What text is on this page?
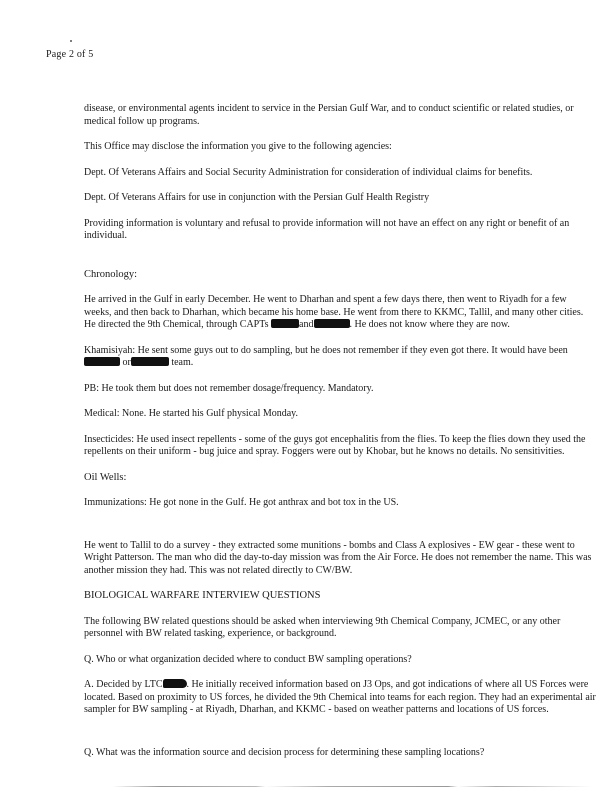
Page 2 of 5

disease, or environmental agents incident to service in the Persian Gulf War, and to conduct scientific or related studies, or medical follow up programs.

This Office may disclose the information you give to the following agencies:

Dept. Of Veterans Affairs and Social Security Administration for consideration of individual claims for benefits.

Dept. Of Veterans Affairs for use in conjunction with the Persian Gulf Health Registry

Providing information is voluntary and refusal to provide information will not have an effect on any right or benefit of an individual.

Chronology:

He arrived in the Gulf in early December. He went to Dharhan and spent a few days there, then went to Riyadh for a few weeks, and then back to Dharhan, which became his home base. He went from there to KKMC, Tallil, and many other cities. He directed the 9th Chemical, through CAPTs	and	. He does not know where they are now.

Khamisiyah: He sent some guys out to do sampling, but he does not remember if they even got there. It would have been or	team.

PB: He took them but does not remember dosage/frequency. Mandatory.

Medical: None. He started his Gulf physical Monday.

Insecticides: He used insect repellents - some of the guys got encephalitis from the flies. To keep the flies down they used the repellents on their uniform - bug juice and spray. Foggers were out by Khobar, but he knows no details. No sensitivities.

Oil Wells:

Immunizations: He got none in the Gulf. He got anthrax and bot tox in the US.

He went to Tallil to do a survey - they extracted some munitions - bombs and Class A explosives - EW gear - these went to Wright Patterson. The man who did the day-to-day mission was from the Air Force. He does not remember the name. This was another mission they had. This was not related directly to CW/BW.

BIOLOGICAL WARFARE INTERVIEW QUESTIONS

The following BW related questions should be asked when interviewing 9th Chemical Company, JCMEC, or any other personnel with BW related tasking, experience, or background.

Q. Who or what organization decided where to conduct BW sampling operations?

A. Decided by LTC . He initially received information based on J3 Ops, and got indications of where all US Forces were located. Based on proximity to US forces, he divided the 9th Chemical into teams for each region. They had an experimental air sampler for BW sampling - at Riyadh, Dharhan, and KKMC - based on weather patterns and locations of US forces.

Q. What was the information source and decision process for determining these sampling locations?
